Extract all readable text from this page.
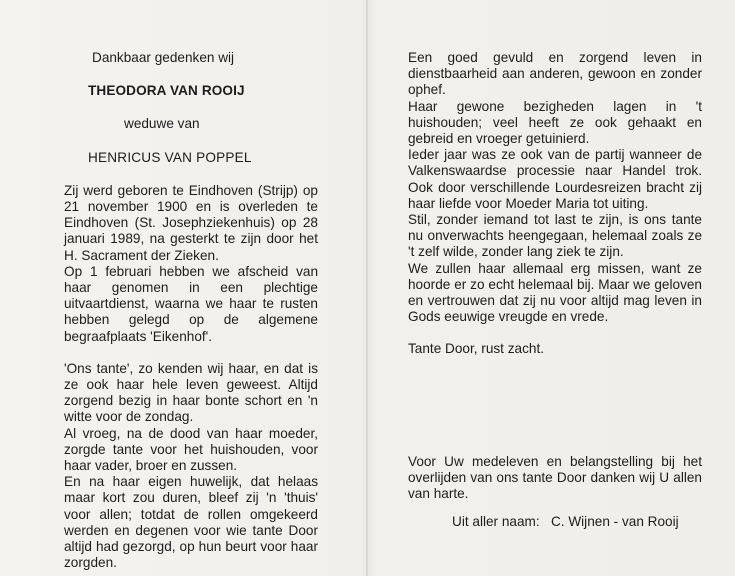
Dankbaar gedenken wij
THEODORA VAN ROOIJ
weduwe van
HENRICUS VAN POPPEL

Zij werd geboren te Eindhoven (Strijp) op 21 november 1900 en is overleden te Eindhoven (St. Josephziekenhuis) op 28 januari 1989, na gesterkt te zijn door het H. Sacrament der Zieken.

Op 1 februari hebben we afscheid van haar genomen in een plechtige uitvaartdienst, waarna we haar te rusten hebben gelegd op de algemene begraafplaats 'Eikenhof'.

'Ons tante', zo kenden wij haar, en dat is ze ook haar hele leven geweest. Altijd zorgend bezig in haar bonte schort en 'n witte voor de zondag.

Al vroeg, na de dood van haar moeder, zorgde tante voor het huishouden, voor haar vader, broer en zussen.

En na haar eigen huwelijk, dat helaas maar kort zou duren, bleef zij 'n 'thuis' voor allen; totdat de rollen omgekeerd werden en degenen voor wie tante Door altijd had gezorgd, op hun beurt voor haar zorgden.

Een goed gevuld en zorgend leven in dienstbaarheid aan anderen, gewoon en zonder ophef.

Haar gewone bezigheden lagen in 't huishouden; veel heeft ze ook gehaakt en gebreid en vroeger getuinierd.

Ieder jaar was ze ook van de partij wanneer de Valkenswaardse processie naar Handel trok. Ook door verschillende Lourdesreizen bracht zij haar liefde voor Moeder Maria tot uiting.

Stil, zonder iemand tot last te zijn, is ons tante nu onverwachts heengegaan, helemaal zoals ze 't zelf wilde, zonder lang ziek te zijn.

We zullen haar allemaal erg missen, want ze hoorde er zo echt helemaal bij. Maar we geloven en vertrouwen dat zij nu voor altijd mag leven in Gods eeuwige vreugde en vrede.

Tante Door, rust zacht.

Voor Uw medeleven en belangstelling bij het overlijden van ons tante Door danken wij U allen van harte.

Uit aller naam:   C. Wijnen - van Rooij
